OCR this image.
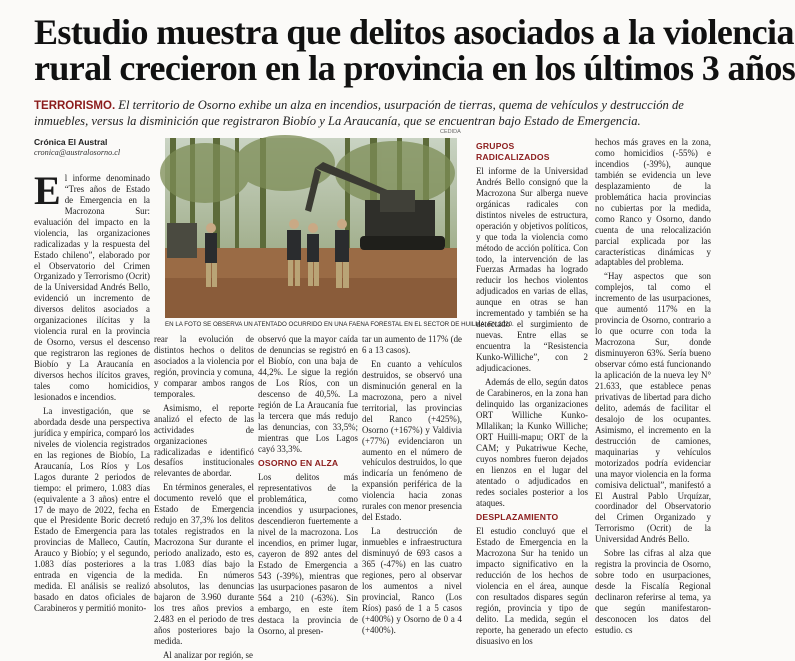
Estudio muestra que delitos asociados a la violencia
rural crecieron en la provincia en los últimos 3 años
TERRORISMO. El territorio de Osorno exhibe un alza en incendios, usurpación de tierras, quema de vehículos y destrucción de inmuebles, versus la disminición que registraron Biobío y La Araucanía, que se encuentran bajo Estado de Emergencia.
Crónica El Austral
cronica@australosorno.cl

El informe denominado “Tres años de Estado de Emergencia en la Macrozona Sur: evaluación del impacto en la violencia, las organizaciones radicalizadas y la respuesta del Estado chileno”, elaborado por el Observatorio del Crimen Organizado y Terrorismo (Ocrit) de la Universidad Andrés Bello, evidenció un incremento de diversos delitos asociados a organizaciones ilícitas y la violencia rural en la provincia de Osorno, versus el descenso que registraron las regiones de Biobío y La Araucanía en diversos hechos ilícitos graves, tales como homicidios, lesionados e incendios.

La investigación, que se abordada desde una perspectiva jurídica y empírica, comparó los niveles de violencia registrados en las regiones de Biobío, La Araucanía, Los Ríos y Los Lagos durante 2 periodos de tiempo: el primero, 1.083 días (equivalente a 3 años) entre el 17 de mayo de 2022, fecha en que el Presidente Boric decretó Estado de Emergencia para las provincias de Malleco, Cautín, Arauco y Biobío; y el segundo, 1.083 días posteriores a la entrada en vigencia de la medida. El análisis se realizó basado en datos oficiales de Carabineros y permitió monito-

CEDIDA
EN LA FOTO SE OBSERVA UN ATENTADO OCURRIDO EN UNA FAENA FORESTAL EN EL SECTOR DE HUILMA, EN 2020.

rear la evolución de distintos hechos o delitos asociados a la violencia por región, provincia y comuna, y comparar ambos rangos temporales.

Asimismo, el reporte analizó el efecto de las actividades de organizaciones radicalizadas e identificó desafíos institucionales relevantes de abordar.

En términos generales, el documento reveló que el Estado de Emergencia redujo en 37,3% los delitos totales registrados en la Macrozona Sur durante el periodo analizado, esto es, tras 1.083 días bajo la medida. En números absolutos, las denuncias bajaron de 3.960 durante los tres años previos a 2.483 en el periodo de tres años posteriores bajo la medida.

Al analizar por región, se

observó que la mayor caída de denuncias se registró en el Biobío, con una baja de 44,2%. Le sigue la región de Los Ríos, con un descenso de 40,5%. La región de La Araucanía fue la tercera que más redujo las denuncias, con 33,5%; mientras que Los Lagos cayó 33,3%.

OSORNO EN ALZA

Los delitos más representativos de la problemática, como incendios y usurpaciones, descendieron fuertemente a nivel de la macrozona. Los incendios, en primer lugar, cayeron de 892 antes del Estado de Emergencia a 543 (-39%), mientras que las usurpaciones pasaron de 564 a 210 (-63%). Sin embargo, en este ítem destaca la provincia de Osorno, al presen-

tar un aumento de 117% (de 6 a 13 casos).

En cuanto a vehículos destruidos, se observó una disminución general en la macrozona, pero a nivel territorial, las provincias del Ranco (+425%), Osorno (+167%) y Valdivia (+77%) evidenciaron un aumento en el número de vehículos destruidos, lo que indicaría un fenómeno de expansión periférica de la violencia hacia zonas rurales con menor presencia del Estado.

La destrucción de inmuebles e infraestructura disminuyó de 693 casos a 365 (-47%) en las cuatro regiones, pero al observar los aumentos a nivel provincial, Ranco (Los Ríos) pasó de 1 a 5 casos (+400%) y Osorno de 0 a 4 (+400%).

GRUPOS RADICALIZADOS

El informe de la Universidad Andrés Bello consignó que la Macrozona Sur alberga nueve orgánicas radicales con distintos niveles de estructura, operación y objetivos políticos, y que toda la violencia como método de acción política. Con todo, la intervención de las Fuerzas Armadas ha logrado reducir los hechos violentos adjudicados en varias de ellas, aunque en otras se han incrementado y también se ha detectado el surgimiento de nuevas. Entre ellas se encuentra la “Resistencia Kunko-Williche”, con 2 adjudicaciones.

Además de ello, según datos de Carabineros, en la zona han delinquido las organizaciones ORT Williche Kunko-Mllalikan; la Kunko Williche; ORT Huilli-mapu; ORT de la CAM; y Pukatriwue Keche, cuyos nombres fueron dejados en lienzos en el lugar del atentado o adjudicados en redes sociales posterior a los ataques.

DESPLAZAMIENTO

El estudio concluyó que el Estado de Emergencia en la Macrozona Sur ha tenido un impacto significativo en la reducción de los hechos de violencia en el área, aunque con resultados dispares según región, provincia y tipo de delito. La medida, según el reporte, ha generado un efecto disuasivo en los

hechos más graves en la zona, como homicidios (-55%) e incendios (-39%), aunque también se evidencia un leve desplazamiento de la problemática hacia provincias no cubiertas por la medida, como Ranco y Osorno, dando cuenta de una relocalización parcial explicada por las características dinámicas y adaptables del problema.

“Hay aspectos que son complejos, tal como el incremento de las usurpaciones, que aumentó 117% en la provincia de Osorno, contrario a lo que ocurre con toda la Macrozona Sur, donde disminuyeron 63%. Sería bueno observar cómo está funcionando la aplicación de la nueva ley N° 21.633, que establece penas privativas de libertad para dicho delito, además de facilitar el desalojo de los ocupantes. Asimismo, el incremento en la destrucción de camiones, maquinarias y vehículos motorizados podría evidenciar una mayor violencia en la forma comisiva delictual”, manifestó a El Austral Pablo Urquízar, coordinador del Observatorio del Crimen Organizado y Terrorismo (Ocrit) de la Universidad Andrés Bello.

Sobre las cifras al alza que registra la provincia de Osorno, sobre todo en usurpaciones, desde la Fiscalía Regional declinaron referirse al tema, ya que según manifestaron- desconocen los datos del estudio. cs
